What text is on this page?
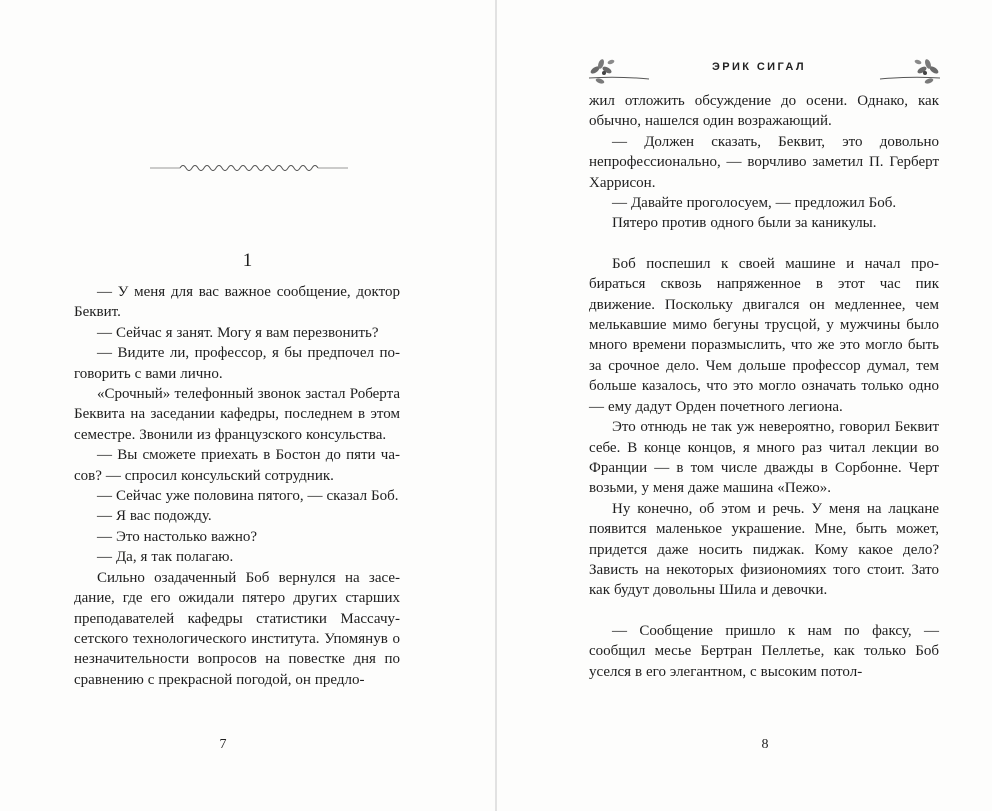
1

— У меня для вас важное сообщение, доктор Беквит.

— Сейчас я занят. Могу я вам перезвонить?

— Видите ли, профессор, я бы предпочел поговорить с вами лично.

«Срочный» телефонный звонок застал Роберта Беквита на заседании кафедры, последнем в этом семестре. Звонили из французского консульства.

— Вы сможете приехать в Бостон до пяти часов? — спросил консульский сотрудник.

— Сейчас уже половина пятого, — сказал Боб.

— Я вас подожду.

— Это настолько важно?

— Да, я так полагаю.

Сильно озадаченный Боб вернулся на заседание, где его ожидали пятеро других старших преподавателей кафедры статистики Массачусетского технологического института. Упомянув о незначительности вопросов на повестке дня по сравнению с прекрасной погодой, он предло-

7
ЭРИК СИГАЛ

жил отложить обсуждение до осени. Однако, как обычно, нашелся один возражающий.

— Должен сказать, Беквит, это довольно непрофессионально, — ворчливо заметил П. Герберт Харрисон.

— Давайте проголосуем, — предложил Боб.

Пятеро против одного были за каникулы.

Боб поспешил к своей машине и начал пробираться сквозь напряженное в этот час пик движение. Поскольку двигался он медленнее, чем мелькавшие мимо бегуны трусцой, у мужчины было много времени поразмыслить, что же это могло быть за срочное дело. Чем дольше профессор думал, тем больше казалось, что это могло означать только одно — ему дадут Орден почетного легиона.

Это отнюдь не так уж невероятно, говорил Беквит себе. В конце концов, я много раз читал лекции во Франции — в том числе дважды в Сорбонне. Черт возьми, у меня даже машина «Пежо».

Ну конечно, об этом и речь. У меня на лацкане появится маленькое украшение. Мне, быть может, придется даже носить пиджак. Кому какое дело? Зависть на некоторых физиономиях того стоит. Зато как будут довольны Шила и девочки.

— Сообщение пришло к нам по факсу, — сообщил месье Бертран Пеллетье, как только Боб уселся в его элегантном, с высоким потол-

8
